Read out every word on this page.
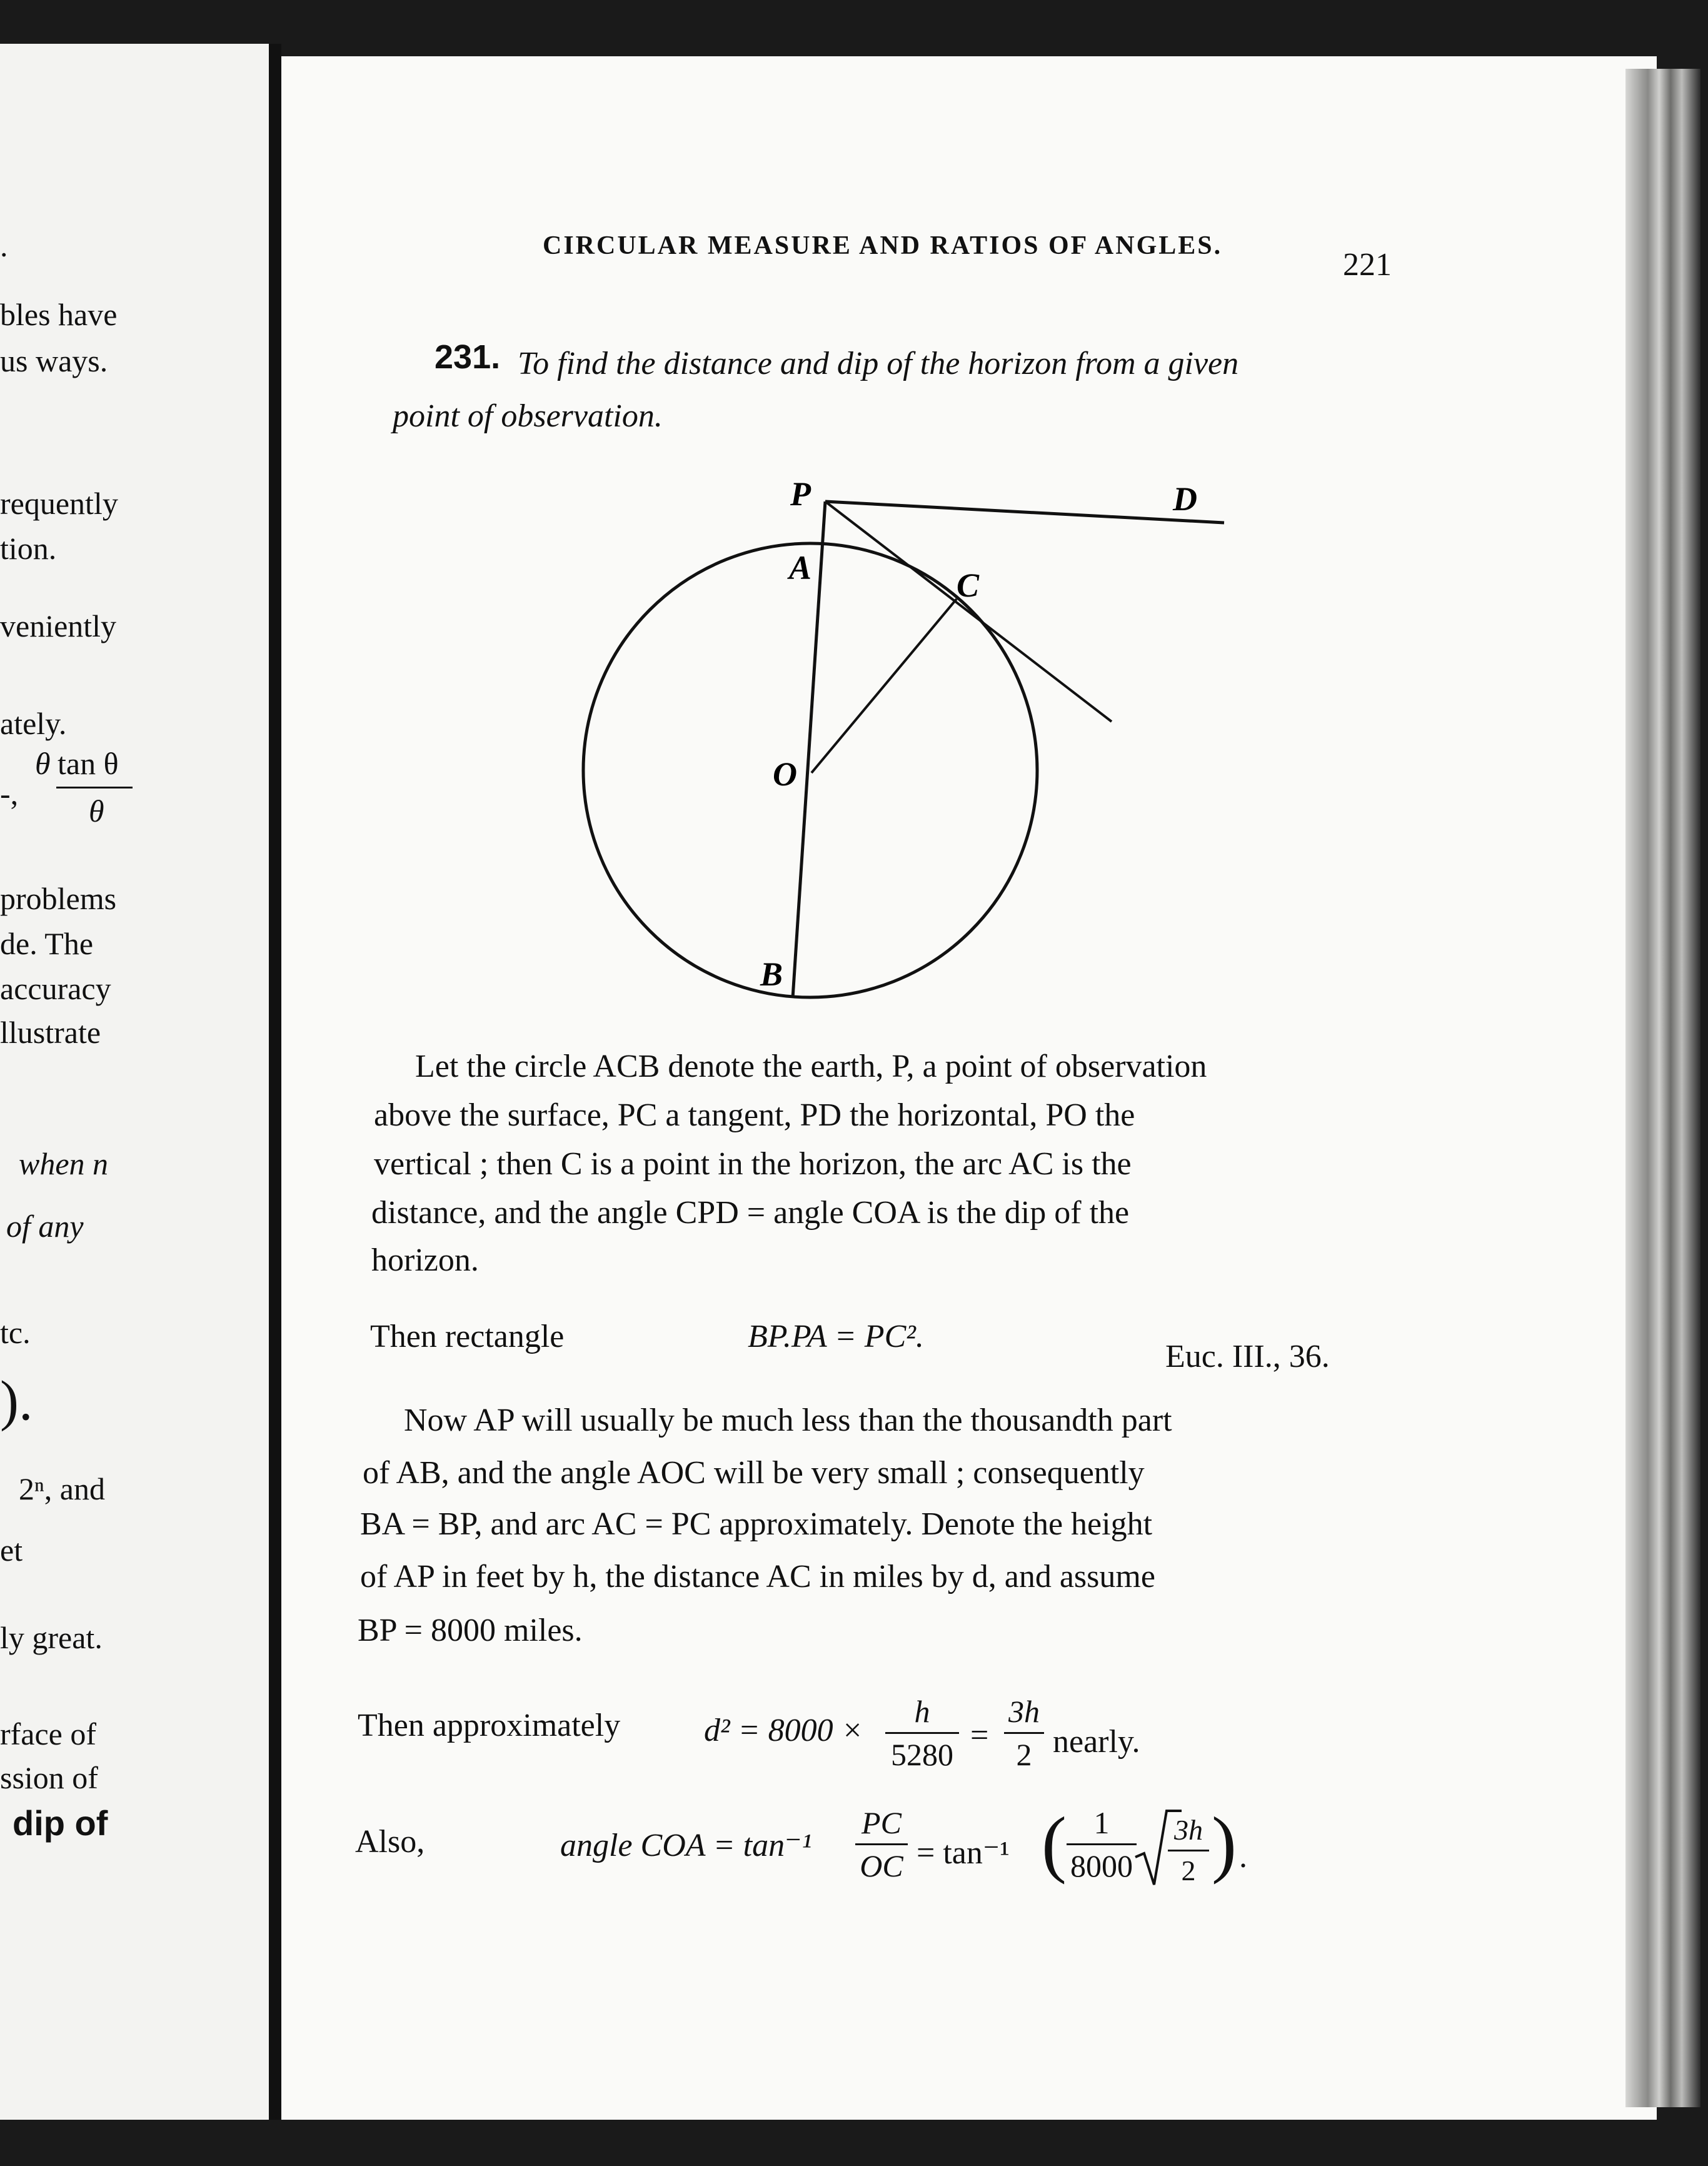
.
bles have
us ways.
requently
tion.
veniently
ately.
θ tan θ
-, θ
problems
de. The
accuracy
llustrate
when n
of any
tc.
).
2ⁿ, and
et
ly great.
rface of
ssion of
dip of
CIRCULAR MEASURE AND RATIOS OF ANGLES.
221
231. To find the distance and dip of the horizon from a given
point of observation.
P	D
A	C
O
B
Let the circle ACB denote the earth, P, a point of observation
above the surface, PC a tangent, PD the horizontal, PO the
vertical ; then C is a point in the horizon, the arc AC is the
distance, and the angle CPD = angle COA is the dip of the
horizon.
Then rectangle	BP.PA = PC².
Euc. III., 36.
Now AP will usually be much less than the thousandth part
of AB, and the angle AOC will be very small ; consequently
BA = BP, and arc AC = PC approximately. Denote the height
of AP in feet by h, the distance AC in miles by d, and assume
BP = 8000 miles.
Then approximately	d² = 8000 ×
h
5280
=
3h
2 nearly.
Also,	angle COA = tan⁻¹
PC
OC = tan⁻¹ ( 1
8000
3h
2 ) .
